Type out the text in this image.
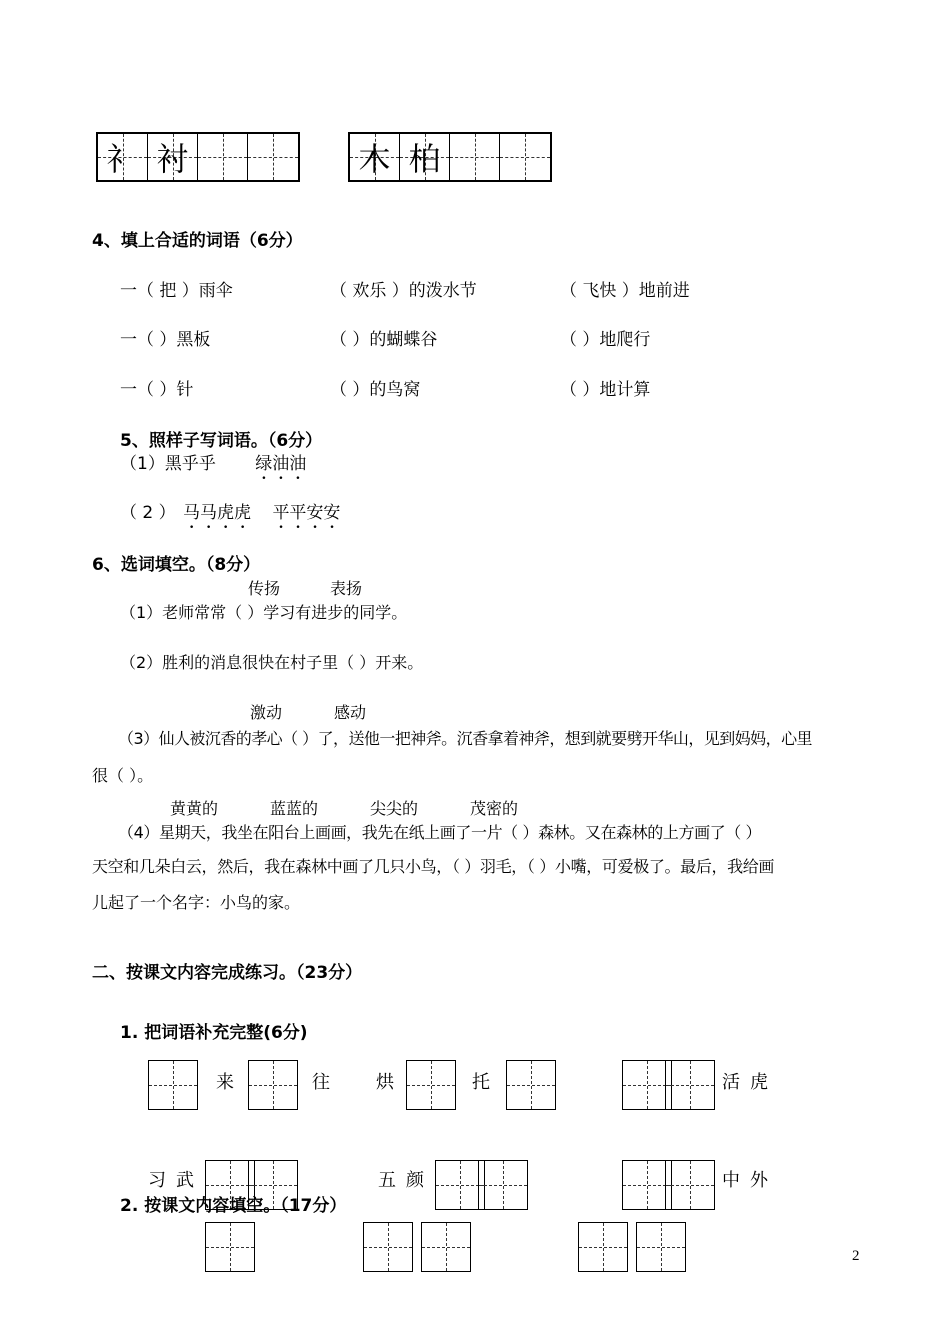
礻 衬	木 柏
4、填上合适的词语（6分）
一（ 把 ）雨伞	（ 欢乐 ）的泼水节	（ 飞快 ）地前进
一（ ）黑板	（ ）的蝴蝶谷	（ ）地爬行
一（ ）针	（ ）的鸟窝	（ ）地计算
5、照样子写词语。（6分）
（1）黑乎乎 绿油油
（ 2 ） 马马虎虎 平平安安
6、选词填空。（8分）
传扬	表扬
（1）老师常常（ ）学习有进步的同学。
（2）胜利的消息很快在村子里（ ）开来。
激动	感动
（3）仙人被沉香的孝心（ ）了，送他一把神斧。沉香拿着神斧，想到就要劈开华山，见到妈妈，心里
很（ ）。
黄黄的	蓝蓝的	尖尖的	茂密的
（4）星期天，我坐在阳台上画画，我先在纸上画了一片（ ）森林。又在森林的上方画了（ ）
天空和几朵白云，然后，我在森林中画了几只小鸟，（ ）羽毛，（ ）小嘴，可爱极了。最后，我给画
儿起了一个名字：小鸟的家。
二、按课文内容完成练习。（23分）
1. 把词语补充完整(6分)
来	往	烘	托	活 虎
习 武	五 颜	中 外
2. 按课文内容填空。（17分）
2
